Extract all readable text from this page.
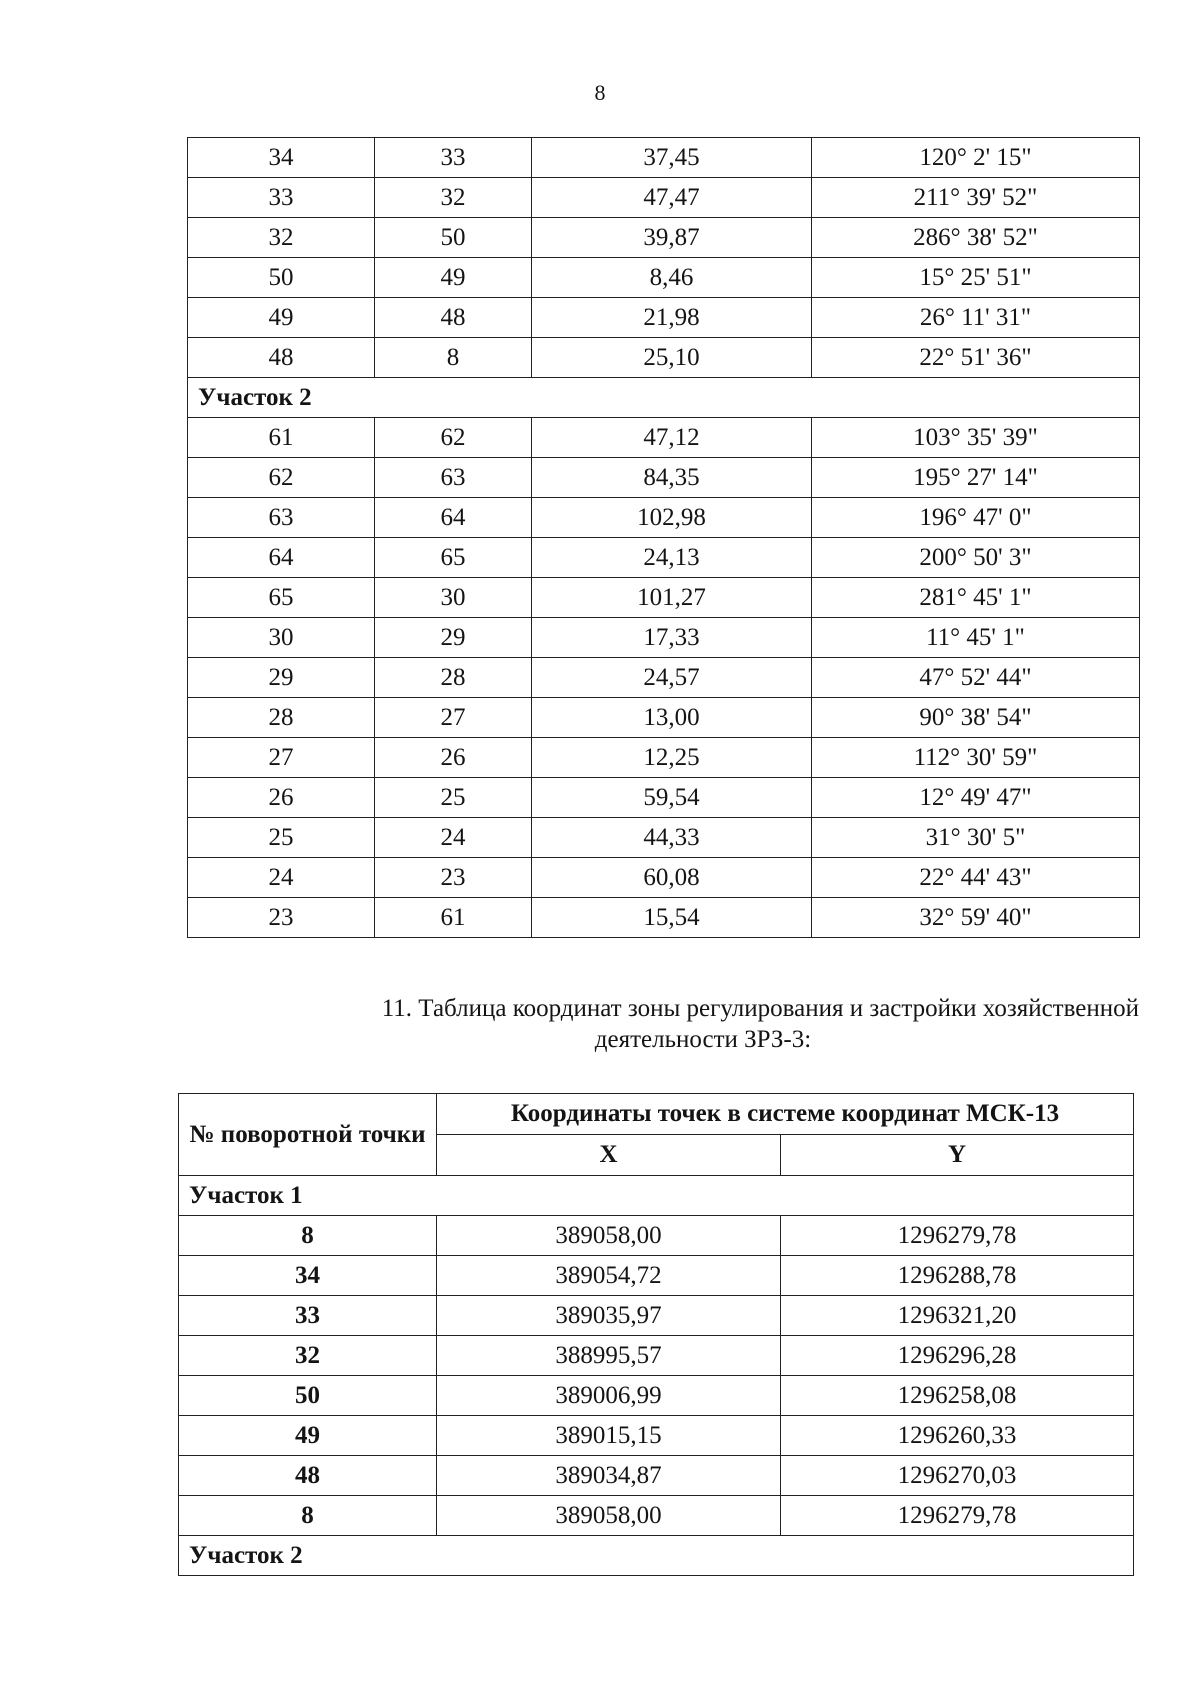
8
34	33	37,45	120° 2' 15"
33	32	47,47	211° 39' 52"
32	50	39,87	286° 38' 52"
50	49	8,46	15° 25' 51"
49	48	21,98	26° 11' 31"
48	8	25,10	22° 51' 36"
Участок 2			
61	62	47,12	103° 35' 39"
62	63	84,35	195° 27' 14"
63	64	102,98	196° 47' 0"
64	65	24,13	200° 50' 3"
65	30	101,27	281° 45' 1"
30	29	17,33	11° 45' 1"
29	28	24,57	47° 52' 44"
28	27	13,00	90° 38' 54"
27	26	12,25	112° 30' 59"
26	25	59,54	12° 49' 47"
25	24	44,33	31° 30' 5"
24	23	60,08	22° 44' 43"
23	61	15,54	32° 59' 40"
11. Таблица координат зоны регулирования и застройки хозяйственной
деятельности ЗРЗ-3:
№ поворотной точки	Координаты точек в системе координат МСК-13	
	X	Y
Участок 1		
8	389058,00	1296279,78
34	389054,72	1296288,78
33	389035,97	1296321,20
32	388995,57	1296296,28
50	389006,99	1296258,08
49	389015,15	1296260,33
48	389034,87	1296270,03
8	389058,00	1296279,78
Участок 2		
